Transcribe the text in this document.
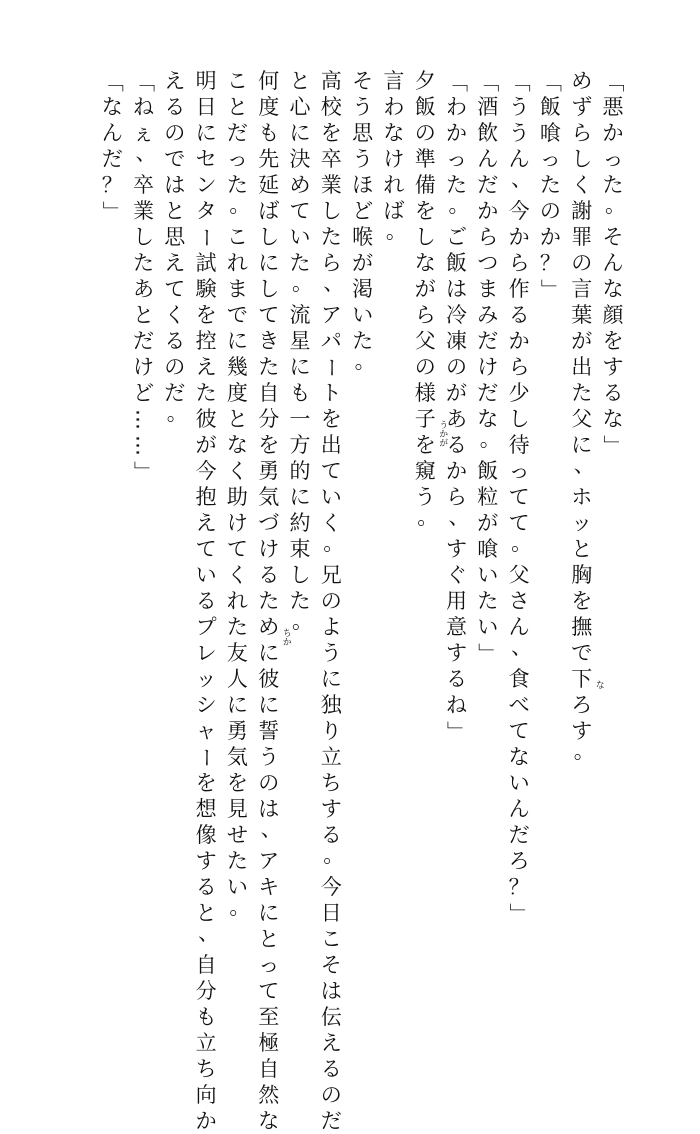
「
悪
か
っ
た
。
そ
ん
な
顔
を
す
る
な
」
め
ず
ら
し
く
謝
罪
の
言
葉
が
出
た
父
に
、
ホ
ッ
と
胸
を
撫
で
下
ろ
す
。
「
飯
喰
っ
た
の
か
？
」
「
う
う
ん
、
今
か
ら
作
る
か
ら
少
し
待
っ
て
て
。
父
さ
ん
、
食
べ
て
な
い
ん
だ
ろ
？
」
「
酒
飲
ん
だ
か
ら
つ
ま
み
だ
け
だ
な
。
飯
粒
が
喰
い
た
い
」
「
わ
か
っ
た
。
ご
飯
は
冷
凍
の
が
あ
る
か
ら
、
す
ぐ
用
意
す
る
ね
」
夕
飯
の
準
備
を
し
な
が
ら
父
の
様
子
を
窺
う
。
言
わ
な
け
れ
ば
。
そ
う
思
う
ほ
ど
喉
が
渇
い
た
。
高
校
を
卒
業
し
た
ら
、
ア
パ
ー
ト
を
出
て
い
く
。
兄
の
よ
う
に
独
り
立
ち
す
る
。
今
日
こ
そ
は
伝
え
る
の
だ
と
心
に
決
め
て
い
た
。
流
星
に
も
一
方
的
に
約
束
し
た
。
何
度
も
先
延
ば
し
に
し
て
き
た
自
分
を
勇
気
づ
け
る
た
め
に
彼
に
誓
う
の
は
、
ア
キ
に
と
っ
て
至
極
自
然
な
こ
と
だ
っ
た
。
こ
れ
ま
で
に
幾
度
と
な
く
助
け
て
く
れ
た
友
人
に
勇
気
を
見
せ
た
い
。
明
日
に
セ
ン
タ
ー
試
験
を
控
え
た
彼
が
今
抱
え
て
い
る
プ
レ
ッ
シ
ャ
ー
を
想
像
す
る
と
、
自
分
も
立
ち
向
か
え
る
の
で
は
と
思
え
て
く
る
の
だ
。
「
ね
ぇ
、
卒
業
し
た
あ
と
だ
け
ど
…
…
」
「
な
ん
だ
？
」
な
うかが
ちか
